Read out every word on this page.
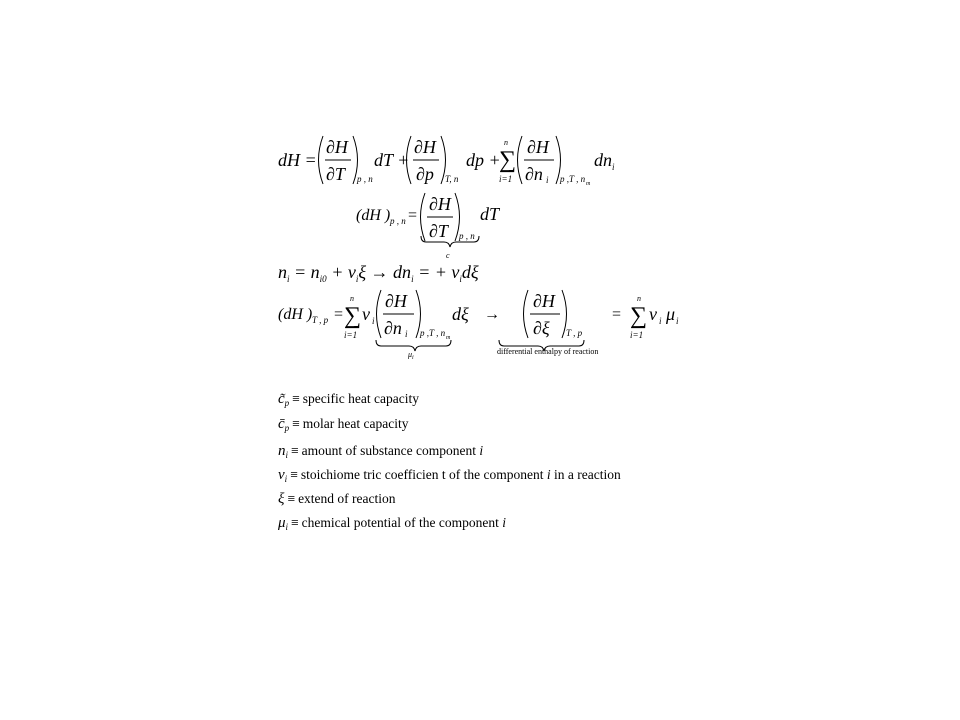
dH =
∂H
∂T p , n
dT +
∂H
∂p T, n
dp +
n
∑
i=1
∂H
∂n i p ,T , n m
dn i
(dH ) p , n =
∂H
∂T p , n
dT
c
$n_i = n_{i0} + \nu_i\xi \to dn_i$ = + $\nu_id\xi$
(dH ) T , p =
n
∑
i=1
ν i
∂H
∂n i p ,T , n m
$\mu_i$
dξ →
∂H
∂ξ T , p
differential enthalpy of reaction
=
n
∑
i=1
ν i μ i
$c̃_p$ ≡ specific heat capacity
$c̄_p$ ≡ molar heat capacity
$n_i$ ≡ amount of substance component i
$\nu_i$ ≡ stoichiome tric coefficien t of the component i in a reaction
ξ ≡ extend of reaction
$\mu_i$ ≡ chemical potential of the component i
